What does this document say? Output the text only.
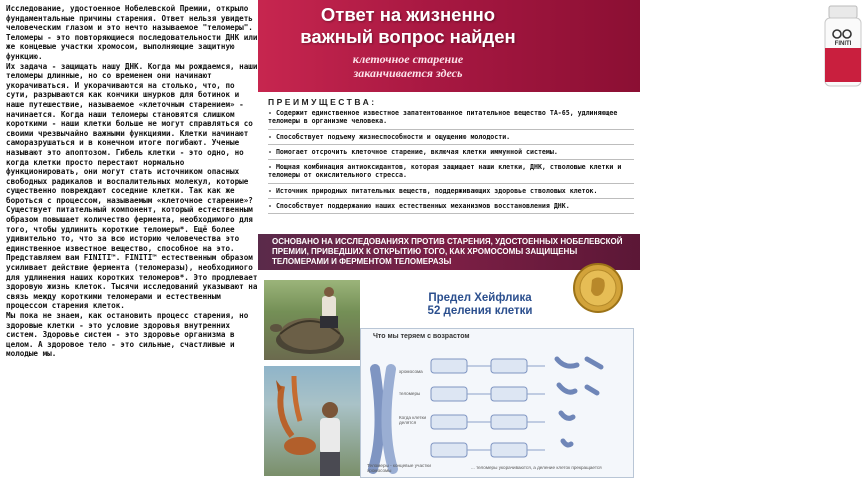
Исследование, удостоенное Нобелевской Премии, открыло фундаментальные причины старения. Ответ нельзя увидеть человеческим глазом и это нечто называемое "теломеры". Теломеры - это повторяющиеся последовательности ДНК или же концевые участки хромосом, выполняющие защитную функцию.

Их задача - защищать нашу ДНК. Когда мы рождаемся, наши теломеры длинные, но со временем они начинают укорачиваться. И укорачиваются на столько, что, по сути, разрываются как кончики шнурков для ботинок и наше путешествие, называемое «клеточным старением» - начинается. Когда наши теломеры становятся слишком короткими - наши клетки больше не могут справляться со своими чрезвычайно важными функциями. Клетки начинают саморазрушаться и в конечном итоге погибают. Ученые называют это апоптозом. Гибель клетки - это одно, но когда клетки просто перестают нормально функционировать, они могут стать источником опасных свободных радикалов и воспалительных молекул, которые существенно повреждают соседние клетки. Так как же бороться с процессом, называемым «клеточное старение»? Существует питательный компонент, который естественным образом повышает количество фермента, необходимого для того, чтобы удлинить короткие теломеры*. Ещё более удивительно то, что за всю историю человечества это единственное известное вещество, способное на это.

Представляем вам FINITI™. FINITI™ естественным образом усиливает действие фермента (теломеразы), необходимого для удлинения наших коротких теломеров*. Это продлевает здоровую жизнь клеток. Тысячи исследований указывают на связь между короткими теломерами и естественным процессом старения клеток.

Мы пока не знаем, как остановить процесс старения, но здоровые клетки - это условие здоровья внутренних систем. Здоровье систем - это здоровье организма в целом. А здоровое тело - это сильные, счастливые и молодые мы.

Ответ на жизненно
важный вопрос найден
клеточное старение
заканчивается здесь
FINITI
ПРЕИМУЩЕСТВА:
- Содержит единственное известное запатентованное питательное вещество TA-65, удлиняющее теломеры в организме человека.
- Способствует подъему жизнеспособности и ощущению молодости.
- Помогает отсрочить клеточное старение, включая клетки иммунной системы.
- Мощная комбинация антиоксидантов, которая защищает наши клетки, ДНК, стволовые клетки и теломеры от окислительного стресса.
- Источник природных питательных веществ, поддерживающих здоровье стволовых клеток.
- Способствует поддержанию наших естественных механизмов восстановления ДНК.
ОСНОВАНО НА ИССЛЕДОВАНИЯХ ПРОТИВ СТАРЕНИЯ, УДОСТОЕННЫХ НОБЕЛЕВСКОЙ ПРЕМИИ, ПРИВЕДШИХ К ОТКРЫТИЮ ТОГО, КАК ХРОМОСОМЫ ЗАЩИЩЕНЫ ТЕЛОМЕРАМИ И ФЕРМЕНТОМ ТЕЛОМЕРАЗЫ
Предел Хейфлика
52 деления клетки
Что мы теряем с возрастом
хромосома
теломеры
Когда клетки делятся
Теломеры - концевые участки хромосомы
... теломеры укорачиваются, а деление клеток прекращается
